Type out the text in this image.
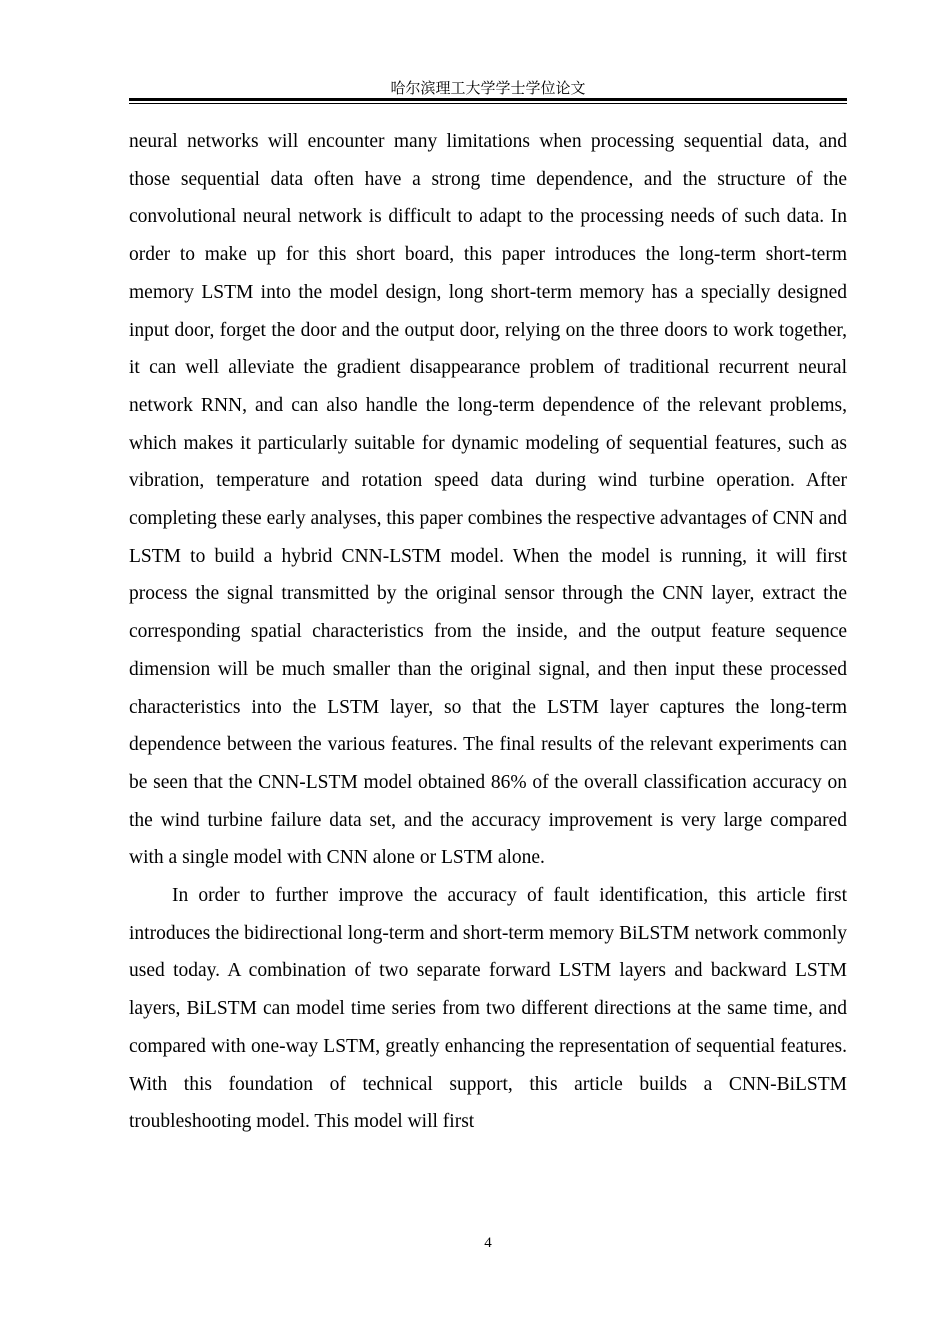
哈尔滨理工大学学士学位论文

neural networks will encounter many limitations when processing sequential data, and those sequential data often have a strong time dependence, and the structure of the convolutional neural network is difficult to adapt to the processing needs of such data. In order to make up for this short board, this paper introduces the long-term short-term memory LSTM into the model design, long short-term memory has a specially designed input door, forget the door and the output door, relying on the three doors to work together, it can well alleviate the gradient disappearance problem of traditional recurrent neural network RNN, and can also handle the long-term dependence of the relevant problems, which makes it particularly suitable for dynamic modeling of sequential features, such as vibration, temperature and rotation speed data during wind turbine operation. After completing these early analyses, this paper combines the respective advantages of CNN and LSTM to build a hybrid CNN-LSTM model. When the model is running, it will first process the signal transmitted by the original sensor through the CNN layer, extract the corresponding spatial characteristics from the inside, and the output feature sequence dimension will be much smaller than the original signal, and then input these processed characteristics into the LSTM layer, so that the LSTM layer captures the long-term dependence between the various features. The final results of the relevant experiments can be seen that the CNN-LSTM model obtained 86% of the overall classification accuracy on the wind turbine failure data set, and the accuracy improvement is very large compared with a single model with CNN alone or LSTM alone.

In order to further improve the accuracy of fault identification, this article first introduces the bidirectional long-term and short-term memory BiLSTM network commonly used today. A combination of two separate forward LSTM layers and backward LSTM layers, BiLSTM can model time series from two different directions at the same time, and compared with one-way LSTM, greatly enhancing the representation of sequential features. With this foundation of technical support, this article builds a CNN-BiLSTM troubleshooting model. This model will first

4
